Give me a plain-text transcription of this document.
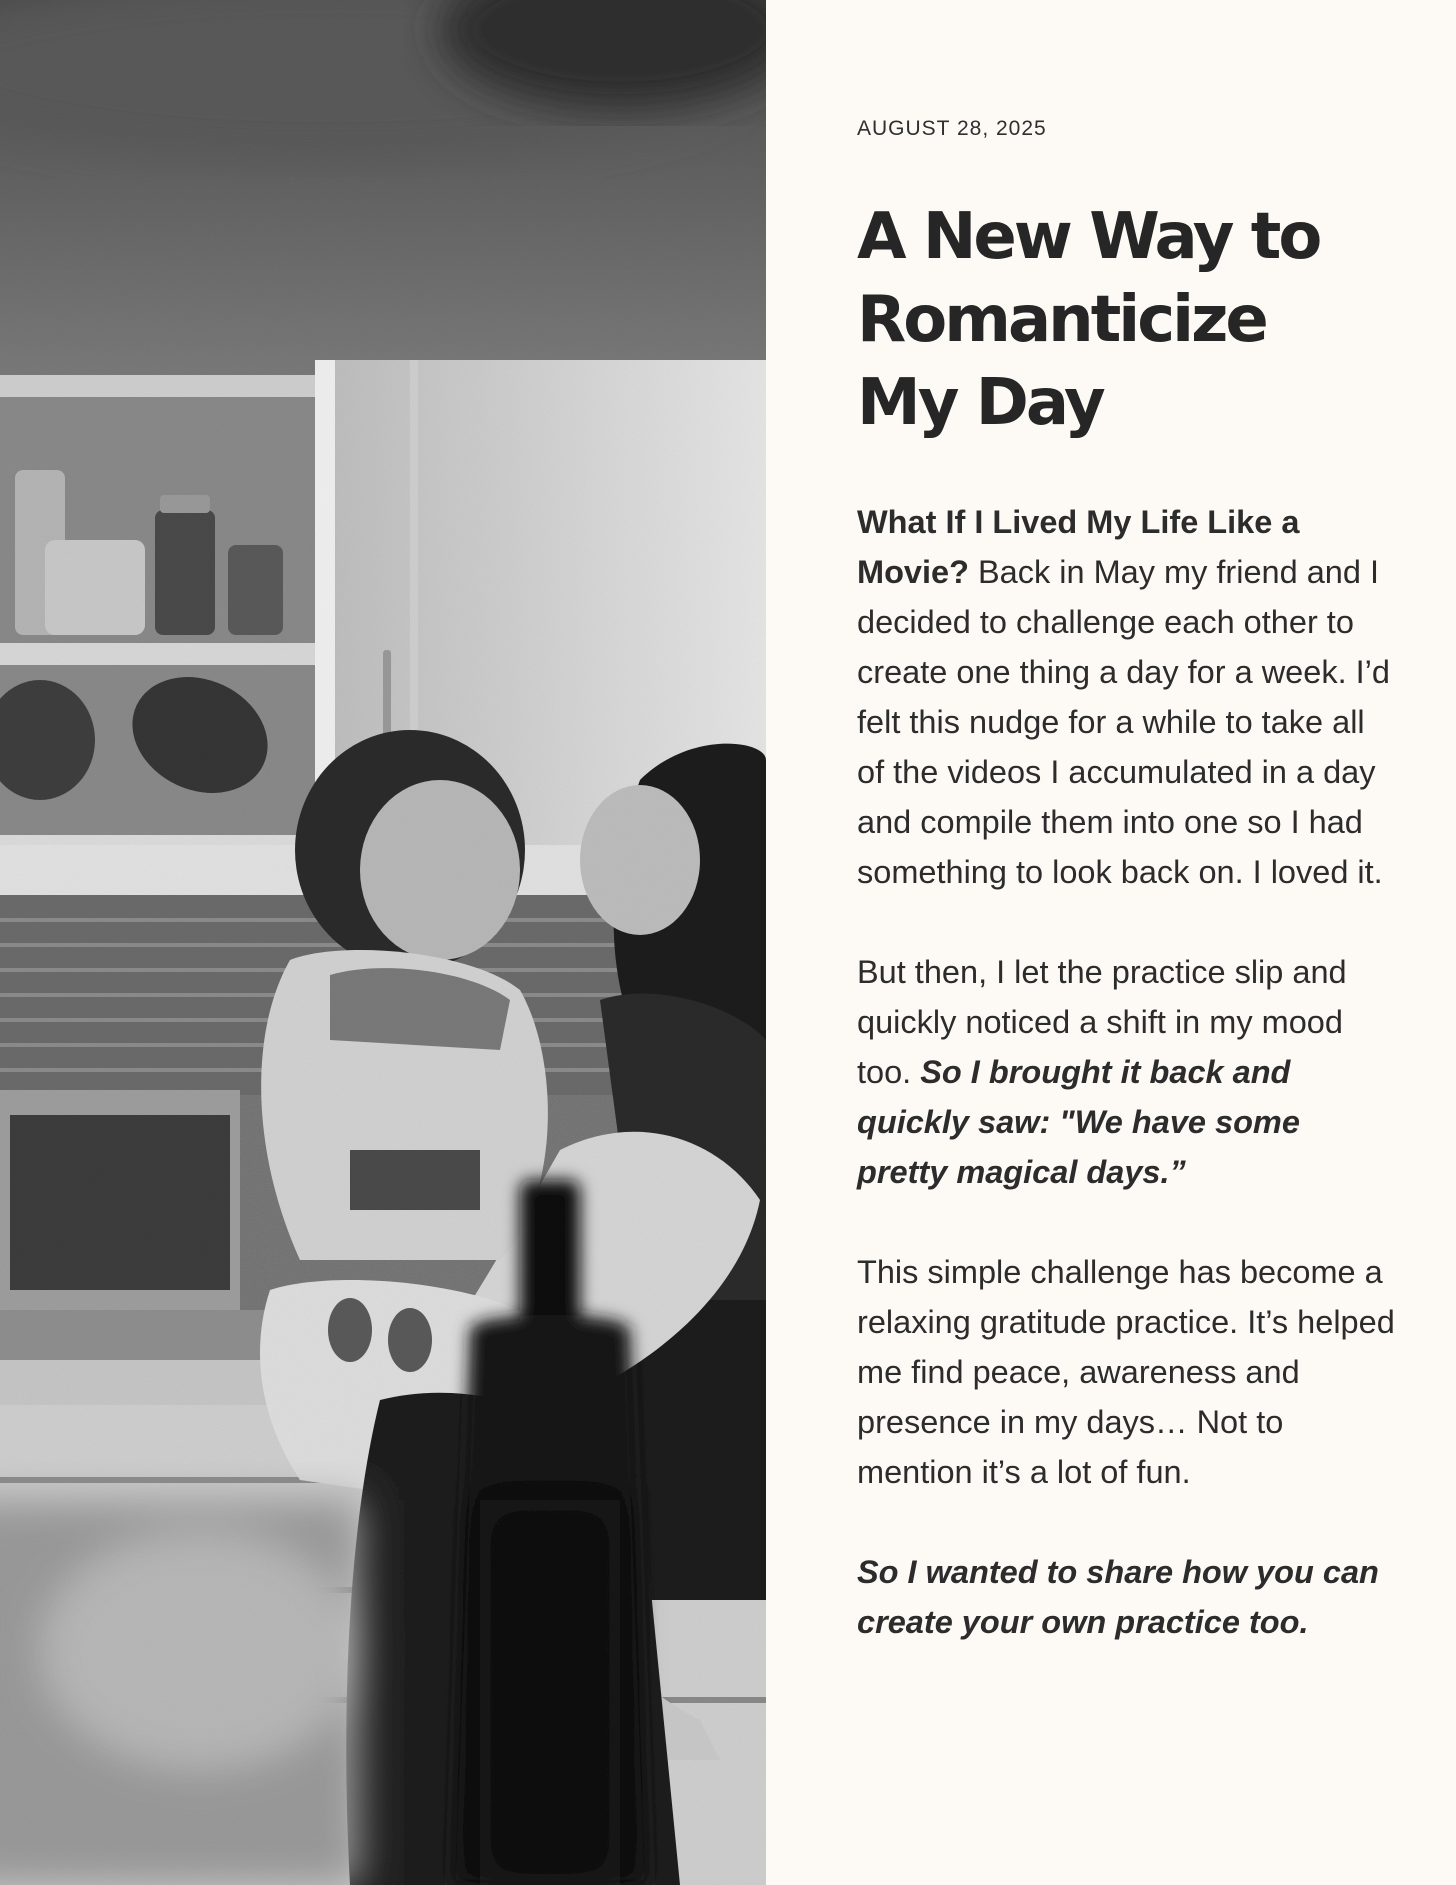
AUGUST 28, 2025
A New Way to Romanticize My Day

What If I Lived My Life Like a Movie? Back in May my friend and I decided to challenge each other to create one thing a day for a week. I’d felt this nudge for a while to take all of the videos I accumulated in a day and compile them into one so I had something to look back on. I loved it.

But then, I let the practice slip and quickly noticed a shift in my mood too. So I brought it back and quickly saw: "We have some pretty magical days.”

This simple challenge has become a relaxing gratitude practice. It’s helped me find peace, awareness and presence in my days… Not to mention it’s a lot of fun.

So I wanted to share how you can create your own practice too.
